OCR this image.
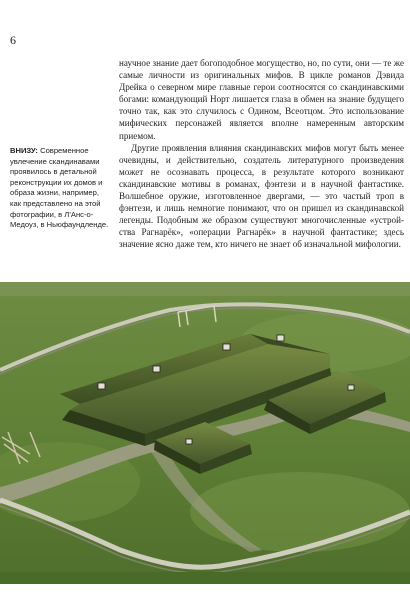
6
ВНИЗУ: Современное увлечение скандинавами проявилось в детальной реконструкции их домов и образа жизни, например, как представлено на этой фотографии, в Л’Анс-о-Медоуз, в Ньюфаундленде.

научное знание дает богоподобное могущество, но, по сути, они — те же самые личности из оригинальных мифов. В цикле романов Дэвида Дрейка о северном мире главные герои соотносятся со скандинавскими богами: командующий Норт лишается глаза в обмен на знание будущего точно так, как это случилось с Одином, Всеотцом. Это использование мифических персонажей является вполне намеренным авторским приемом.

Другие проявления влияния скандинавских мифов могут быть менее очевидны, и действительно, создатель литературного произведения может не осознавать процесса, в результате которого возникают скандинавские мотивы в романах, фэнтези и в научной фантастике. Волшебное оружие, изготовленное двергами, — это частый троп в фэнтези, и лишь немногие понимают, что он пришел из скандинавской легенды. Подобным же образом существуют многочисленные «устройства Рагнарёк», «операции Рагнарёк» в научной фантастике; здесь значение ясно даже тем, кто ничего не знает об изначальной мифологии.
